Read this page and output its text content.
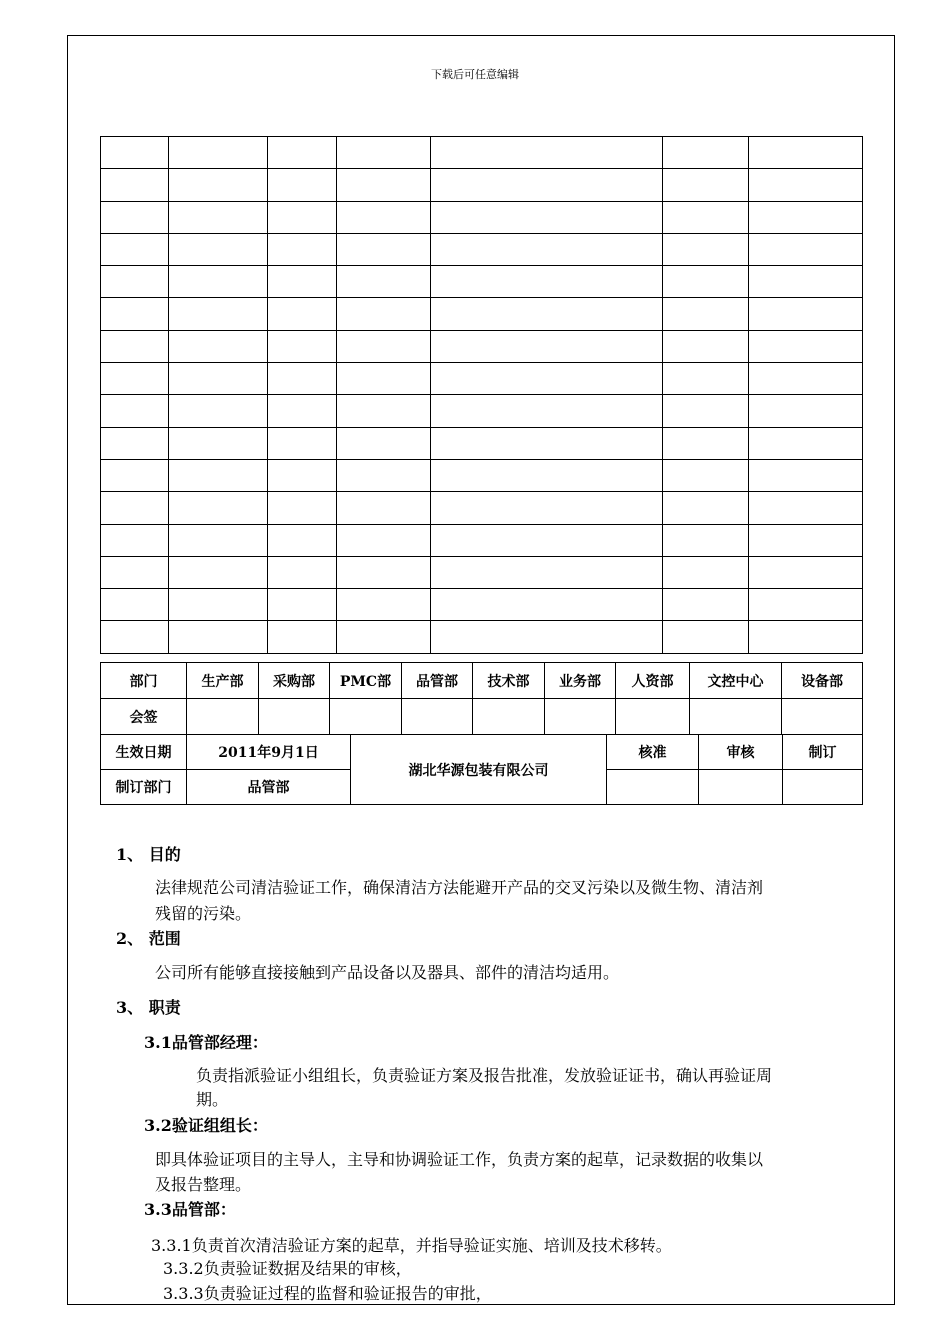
下载后可任意编辑

部门	生产部	采购部	PMC部	品管部	技术部	业务部	人资部	文控中心	设备部
会签									
生效日期	2011年9月1日	湖北华源包装有限公司	核准	审核	制订
制订部门	品管部				
1、 目的
法律规范公司清洁验证工作，确保清洁方法能避开产品的交叉污染以及微生物、清洁剂
残留的污染。
2、 范围
公司所有能够直接接触到产品设备以及器具、部件的清洁均适用。
3、 职责
3.1品管部经理：
负责指派验证小组组长，负责验证方案及报告批准，发放验证证书，确认再验证周
期。
3.2验证组组长：
即具体验证项目的主导人，主导和协调验证工作，负责方案的起草，记录数据的收集以
及报告整理。
3.3品管部：
3.3.1负责首次清洁验证方案的起草，并指导验证实施、培训及技术移转。
3.3.2负责验证数据及结果的审核，
3.3.3负责验证过程的监督和验证报告的审批，
